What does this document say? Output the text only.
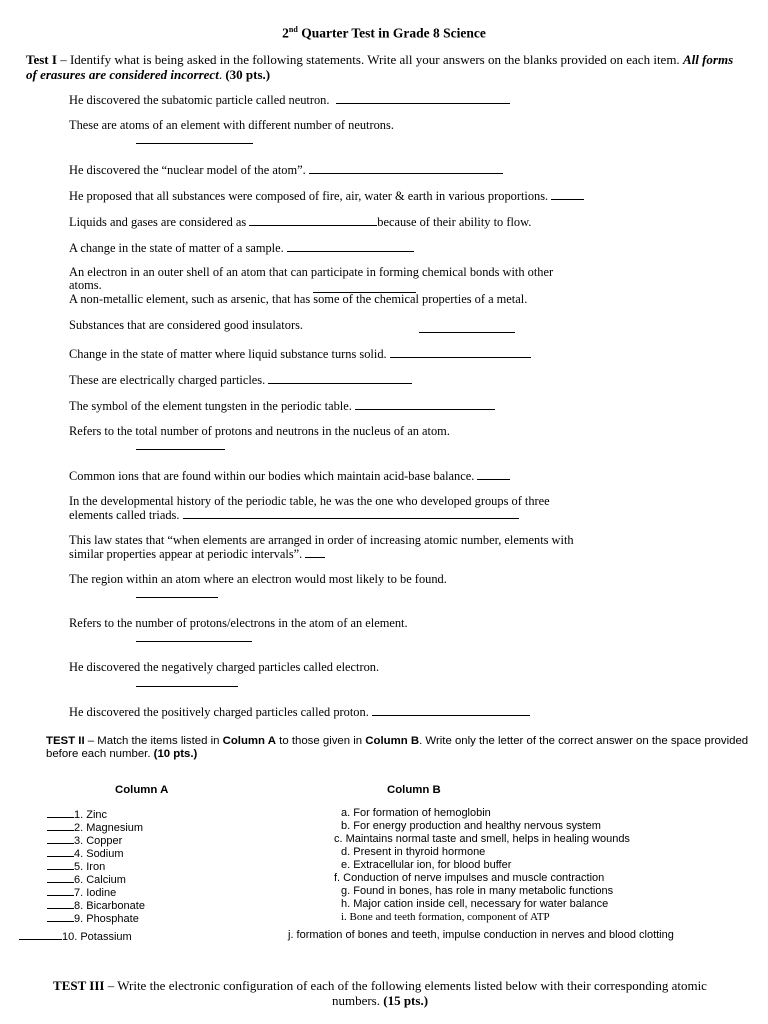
2nd Quarter Test in Grade 8 Science
Test I – Identify what is being asked in the following statements. Write all your answers on the blanks provided on each item. All forms of erasures are considered incorrect. (30 pts.)
He discovered the subatomic particle called neutron.
These are atoms of an element with different number of neutrons.
He discovered the “nuclear model of the atom”.
He proposed that all substances were composed of fire, air, water & earth in various proportions.
Liquids and gases are considered as	because of their ability to flow.
A change in the state of matter of a sample.
An electron in an outer shell of an atom that can participate in forming chemical bonds with other
atoms.
A non-metallic element, such as arsenic, that has some of the chemical properties of a metal.
Substances that are considered good insulators.
Change in the state of matter where liquid substance turns solid.
These are electrically charged particles.
The symbol of the element tungsten in the periodic table.
Refers to the total number of protons and neutrons in the nucleus of an atom.
Common ions that are found within our bodies which maintain acid-base balance.
In the developmental history of the periodic table, he was the one who developed groups of three
elements called triads.
This law states that “when elements are arranged in order of increasing atomic number, elements with
similar properties appear at periodic intervals”.
The region within an atom where an electron would most likely to be found.
Refers to the number of protons/electrons in the atom of an element.
He discovered the negatively charged particles called electron.
He discovered the positively charged particles called proton.
TEST II – Match the items listed in Column A to those given in Column B. Write only the letter of the correct answer on the space provided before each number. (10 pts.)
Column A	Column B
1. Zinc
2. Magnesium
3. Copper
4. Sodium
5. Iron
6. Calcium
7. Iodine
8. Bicarbonate
9. Phosphate
10. Potassium
a. For formation of hemoglobin
b. For energy production and healthy nervous system
c. Maintains normal taste and smell, helps in healing wounds
d. Present in thyroid hormone
e. Extracellular ion, for blood buffer
f. Conduction of nerve impulses and muscle contraction
g. Found in bones, has role in many metabolic functions
h. Major cation inside cell, necessary for water balance
i. Bone and teeth formation, component of ATP
j. formation of bones and teeth, impulse conduction in nerves and blood clotting
TEST III – Write the electronic configuration of each of the following elements listed below with their corresponding atomic numbers. (15 pts.)
